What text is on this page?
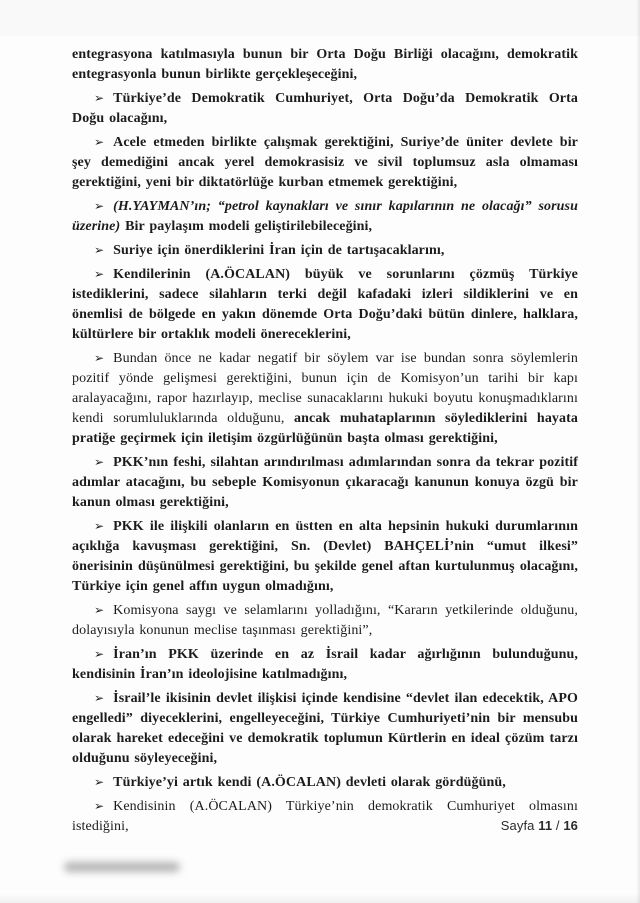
entegrasyona katılmasıyla bunun bir Orta Doğu Birliği olacağını, demokratik entegrasyonla bunun birlikte gerçekleşeceğini,

➢ Türkiye’de Demokratik Cumhuriyet, Orta Doğu’da Demokratik Orta Doğu olacağını,

➢ Acele etmeden birlikte çalışmak gerektiğini, Suriye’de üniter devlete bir şey demediğini ancak yerel demokrasisiz ve sivil toplumsuz asla olmaması gerektiğini, yeni bir diktatörlüğe kurban etmemek gerektiğini,

➢ (H.YAYMAN’ın; “petrol kaynakları ve sınır kapılarının ne olacağı” sorusu üzerine) Bir paylaşım modeli geliştirilebileceğini,

➢ Suriye için önerdiklerini İran için de tartışacaklarını,

➢ Kendilerinin (A.ÖCALAN) büyük ve sorunlarını çözmüş Türkiye istediklerini, sadece silahların terki değil kafadaki izleri sildiklerini ve en önemlisi de bölgede en yakın dönemde Orta Doğu’daki bütün dinlere, halklara, kültürlere bir ortaklık modeli önereceklerini,

➢ Bundan önce ne kadar negatif bir söylem var ise bundan sonra söylemlerin pozitif yönde gelişmesi gerektiğini, bunun için de Komisyon’un tarihi bir kapı aralayacağını, rapor hazırlayıp, meclise sunacaklarını hukuki boyutu konuşmadıklarını kendi sorumluluklarında olduğunu, ancak muhataplarının söylediklerini hayata pratiğe geçirmek için iletişim özgürlüğünün başta olması gerektiğini,

➢ PKK’nın feshi, silahtan arındırılması adımlarından sonra da tekrar pozitif adımlar atacağını, bu sebeple Komisyonun çıkaracağı kanunun konuya özgü bir kanun olması gerektiğini,

➢ PKK ile ilişkili olanların en üstten en alta hepsinin hukuki durumlarının açıklığa kavuşması gerektiğini, Sn. (Devlet) BAHÇELİ’nin “umut ilkesi” önerisinin düşünülmesi gerektiğini, bu şekilde genel aftan kurtulunmuş olacağını, Türkiye için genel affın uygun olmadığını,

➢ Komisyona saygı ve selamlarını yolladığını, “Kararın yetkilerinde olduğunu, dolayısıyla konunun meclise taşınması gerektiğini”,

➢ İran’ın PKK üzerinde en az İsrail kadar ağırlığının bulunduğunu, kendisinin İran’ın ideolojisine katılmadığını,

➢ İsrail’le ikisinin devlet ilişkisi içinde kendisine “devlet ilan edecektik, APO engelledi” diyeceklerini, engelleyeceğini, Türkiye Cumhuriyeti’nin bir mensubu olarak hareket edeceğini ve demokratik toplumun Kürtlerin en ideal çözüm tarzı olduğunu söyleyeceğini,

➢ Türkiye’yi artık kendi (A.ÖCALAN) devleti olarak gördüğünü,

➢ Kendisinin (A.ÖCALAN) Türkiye’nin demokratik Cumhuriyet olmasını istediğini,	Sayfa 11 / 16
